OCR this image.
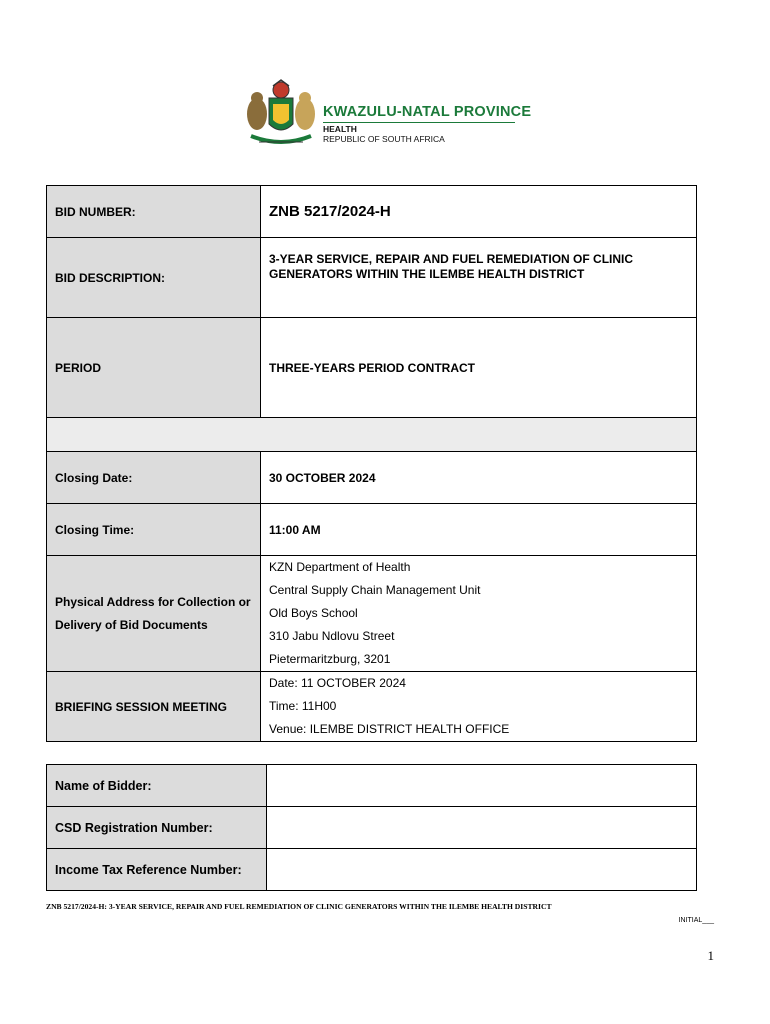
KWAZULU-NATAL PROVINCE
HEALTH
REPUBLIC OF SOUTH AFRICA
BID NUMBER:	ZNB 5217/2024-H
BID DESCRIPTION:	3-YEAR SERVICE, REPAIR AND FUEL REMEDIATION OF CLINIC GENERATORS WITHIN THE ILEMBE HEALTH DISTRICT

PERIOD	THREE-YEARS PERIOD CONTRACT

Closing Date:	30 OCTOBER 2024
Closing Time:	11:00 AM
Physical Address for Collection or Delivery of Bid Documents	KZN Department of Health
Central Supply Chain Management Unit
Old Boys School
310 Jabu Ndlovu Street
Pietermaritzburg, 3201

BRIEFING SESSION MEETING	Date: 11 OCTOBER 2024
Time: 11H00
Venue: ILEMBE DISTRICT HEALTH OFFICE
Name of Bidder:	
CSD Registration Number:	
Income Tax Reference Number:	
ZNB 5217/2024-H: 3-YEAR SERVICE, REPAIR AND FUEL REMEDIATION OF CLINIC GENERATORS WITHIN THE ILEMBE HEALTH DISTRICT
INITIAL___
1
